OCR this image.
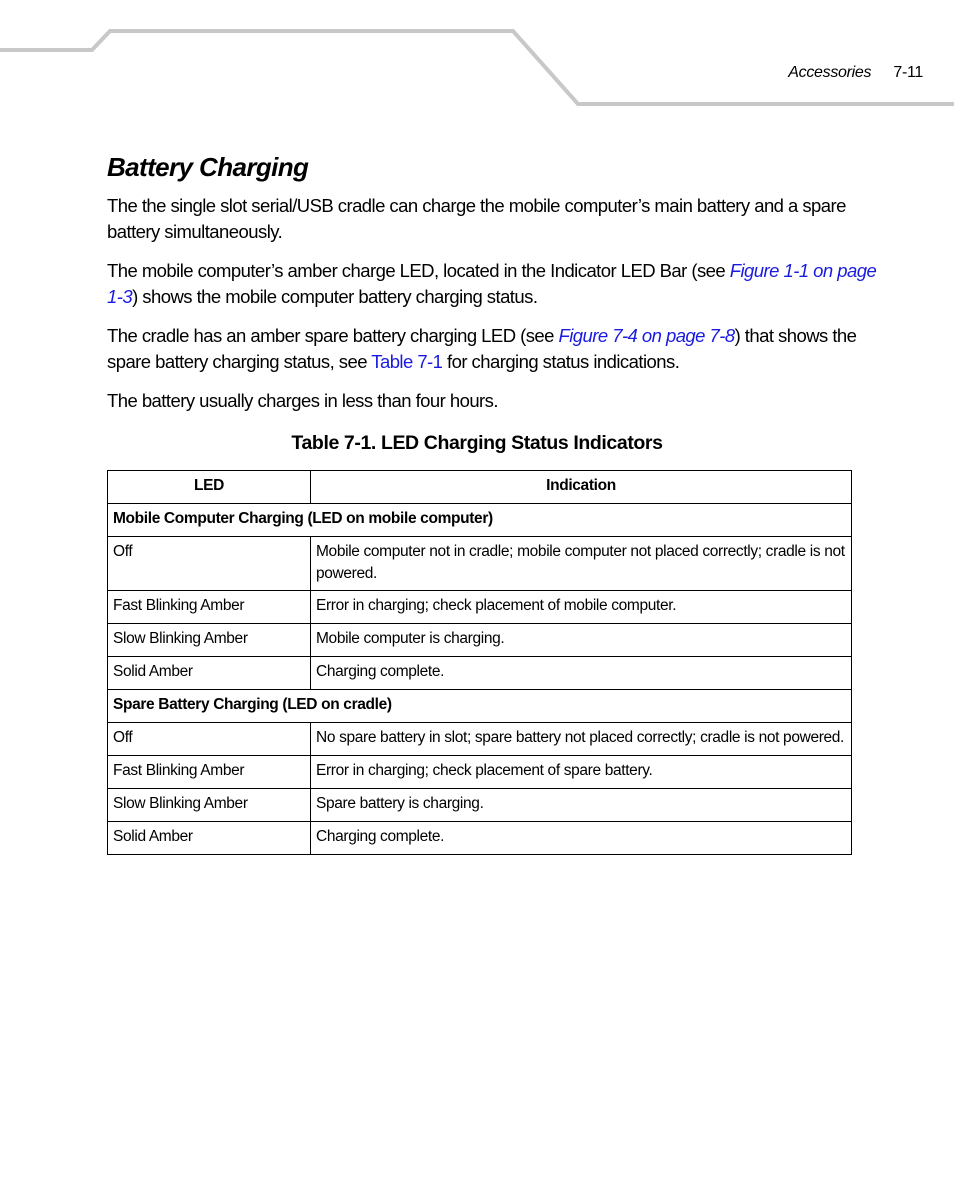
Accessories 7-11
Battery Charging

The the single slot serial/USB cradle can charge the mobile computer’s main battery and a spare battery simultaneously.

The mobile computer’s amber charge LED, located in the Indicator LED Bar (see Figure 1-1 on page 1-3) shows the mobile computer battery charging status.

The cradle has an amber spare battery charging LED (see Figure 7-4 on page 7-8) that shows the spare battery charging status, see Table 7-1 for charging status indications.

The battery usually charges in less than four hours.

Table 7-1. LED Charging Status Indicators
LED	Indication
Mobile Computer Charging (LED on mobile computer)	
Off	Mobile computer not in cradle; mobile computer not placed correctly; cradle is not powered.
Fast Blinking Amber	Error in charging; check placement of mobile computer.
Slow Blinking Amber	Mobile computer is charging.
Solid Amber	Charging complete.
Spare Battery Charging (LED on cradle)	
Off	No spare battery in slot; spare battery not placed correctly; cradle is not powered.
Fast Blinking Amber	Error in charging; check placement of spare battery.
Slow Blinking Amber	Spare battery is charging.
Solid Amber	Charging complete.
